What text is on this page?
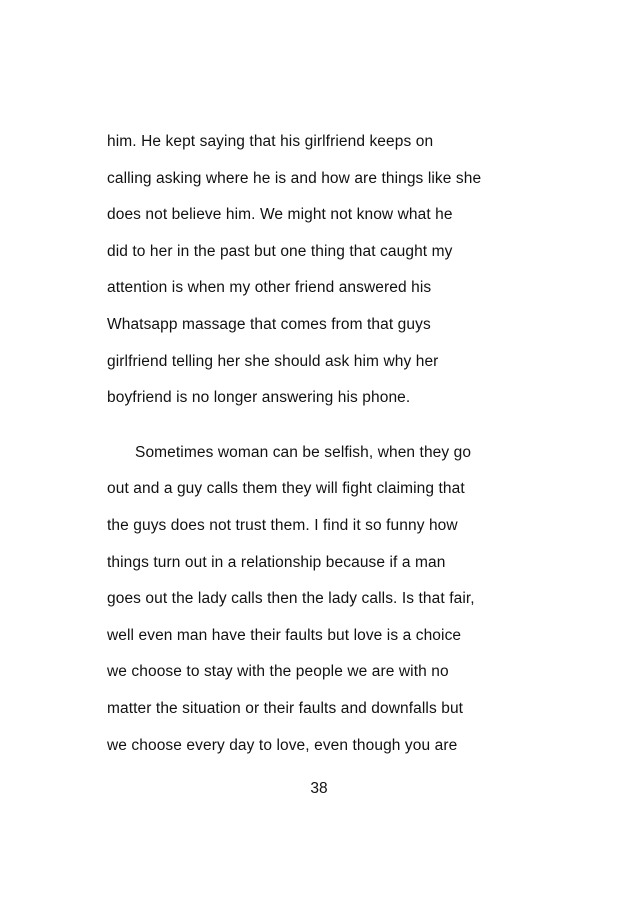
him. He kept saying that his girlfriend keeps on
calling asking where he is and how are things like she
does not believe him. We might not know what he
did to her in the past but one thing that caught my
attention is when my other friend answered his
Whatsapp massage that comes from that guys
girlfriend telling her she should ask him why her
boyfriend is no longer answering his phone.
Sometimes woman can be selfish, when they go
out and a guy calls them they will fight claiming that
the guys does not trust them. I find it so funny how
things turn out in a relationship because if a man
goes out the lady calls then the lady calls. Is that fair,
well even man have their faults but love is a choice
we choose to stay with the people we are with no
matter the situation or their faults and downfalls but
we choose every day to love, even though you are
38
